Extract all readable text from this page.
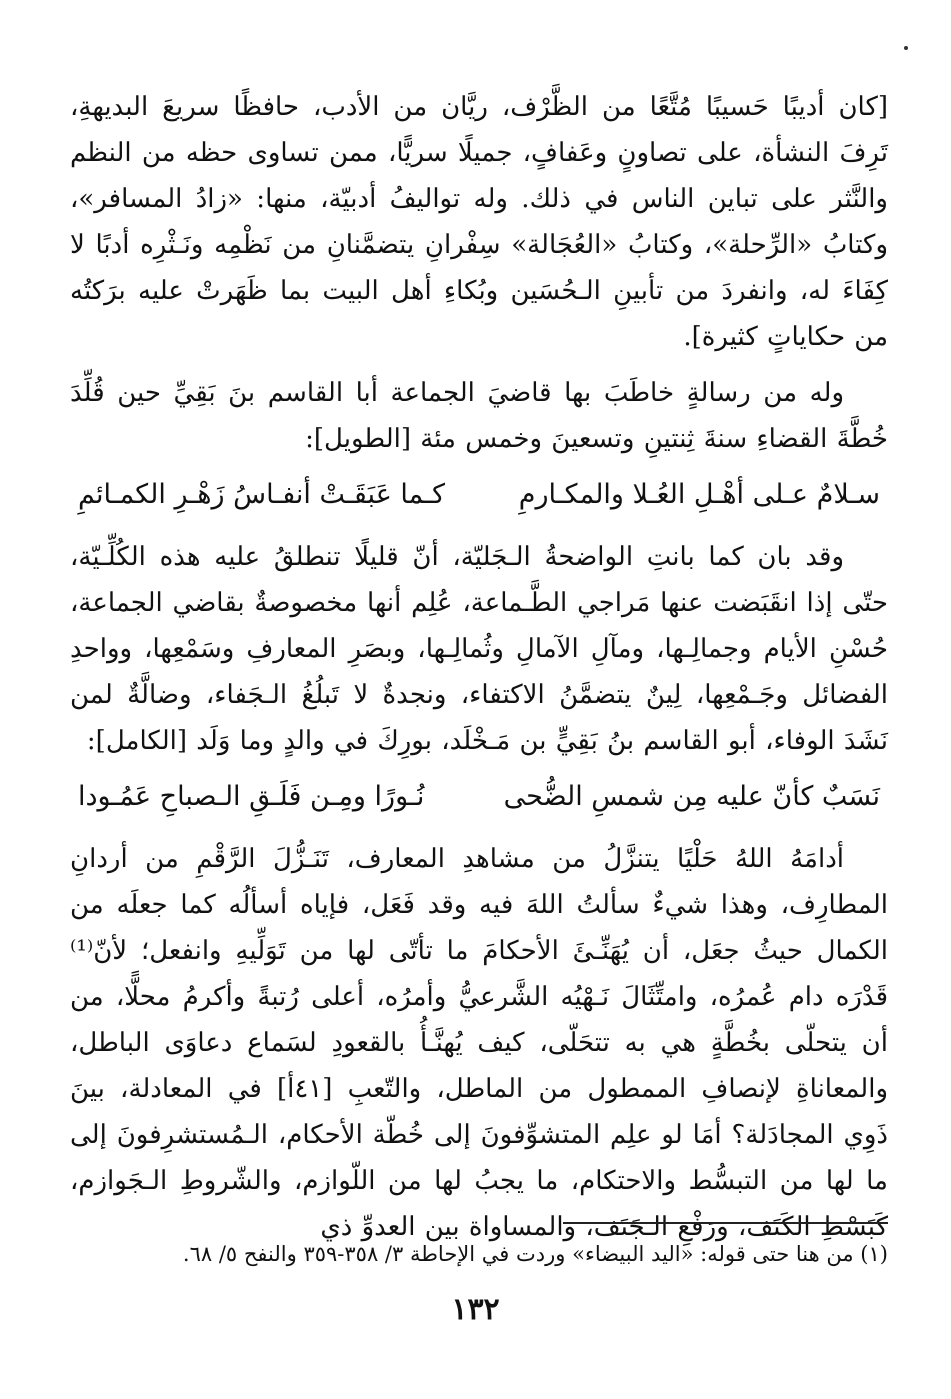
[كان أديبًا حَسيبًا مُتَّعًا من الظَّرْف، ريَّان من الأدب، حافظًا سريعَ البديهةِ، تَرِفَ النشأة، على تصاونٍ وعَفافٍ، جميلًا سريًّا، ممن تساوى حظه من النظم والنَّثر على تباين الناس في ذلك. وله تواليفُ أدبيّة، منها: «زادُ المسافر»، وكتابُ «الرِّحلة»، وكتابُ «العُجَالة» سِفْرانِ يتضمَّنانِ من نَظْمِه ونَـثْرِه أدبًا لا كِفَاءَ له، وانفردَ من تأبينِ الـحُسَين وبُكاءِ أهل البيت بما ظَهَرتْ عليه برَكتُه من حكاياتٍ كثيرة].

وله من رسالةٍ خاطَبَ بها قاضيَ الجماعة أبا القاسم بنَ بَقِيِّ حين قُلِّدَ خُطَّةَ القضاءِ سنةَ ثِنتينِ وتسعينَ وخمس مئة [الطويل]:

سـلامٌ عـلى أهْـلِ العُـلا والمكـارمِ
كـما عَبَقَـتْ أنفـاسُ زَهْـرِ الكمـائمِ

وقد بان كما بانتِ الواضحةُ الـجَليّة، أنّ قليلًا تنطلقُ عليه هذه الكُلِّـيّة، حتّى إذا انقَبَضت عنها مَراجي الطَّـماعة، عُلِم أنها مخصوصةٌ بقاضي الجماعة، حُسْنِ الأيام وجمالِـها، ومآلِ الآمالِ وثُمالِـها، وبصَرِ المعارفِ وسَمْعِها، وواحدِ الفضائل وجَـمْعِها، لِينٌ يتضمَّنُ الاكتفاء، ونجدةٌ لا تَبلُغُ الـجَفاء، وضالَّةٌ لمن نَشَدَ الوفاء، أبو القاسم بنُ بَقِيٍّ بن مَـخْلَد، بورِكَ في والدٍ وما وَلَد [الكامل]:

نَسَبٌ كأنّ عليه مِن شمسِ الضُّحى
نُـورًا ومِـن فَلَـقِ الـصباحِ عَمُـودا

أدامَهُ اللهُ حَلْيًا يتنزَّلُ من مشاهدِ المعارف، تَنَـزُّلَ الرَّقْمِ من أردانِ المطارِف، وهذا شيءٌ سألتُ اللهَ فيه وقد فَعَل، فإياه أسألُه كما جعلَه من الكمال حيثُ جعَل، أن يُهَنِّـئَ الأحكامَ ما تأتّى لها من تَوَلِّيهِ وانفعل؛ لأنّ⁽¹⁾ قَدْرَه دام عُمرُه، وامتِّثَالَ نَـهْيُه الشَّرعيُّ وأمرُه، أعلى رُتبةً وأكرمُ محلًّا، من أن يتحلّى بخُطَّةٍ هي به تتحَلّى، كيف يُهنَّـأُ بالقعودِ لسَماع دعاوَى الباطل، والمعاناةِ لإنصافِ الممطول من الماطل، والتّعبِ [٤١أ] في المعادلة، بينَ ذَوِي المجادَلة؟ أمَا لو علِم المتشوِّفونَ إلى خُطّة الأحكام، الـمُستشرِفونَ إلى ما لها من التبسُّط والاحتكام، ما يجبُ لها من اللّوازم، والشّروطِ الـجَوازم، كَبَسْطِ الكَنَف، ورَفْعِ الـجَنَف، والمساواة بين العدوِّ ذي

(١) من هنا حتى قوله: «اليد البيضاء» وردت في الإحاطة ٣/ ٣٥٨-٣٥٩ والنفح ٥/ ٦٨.
١٣٢
